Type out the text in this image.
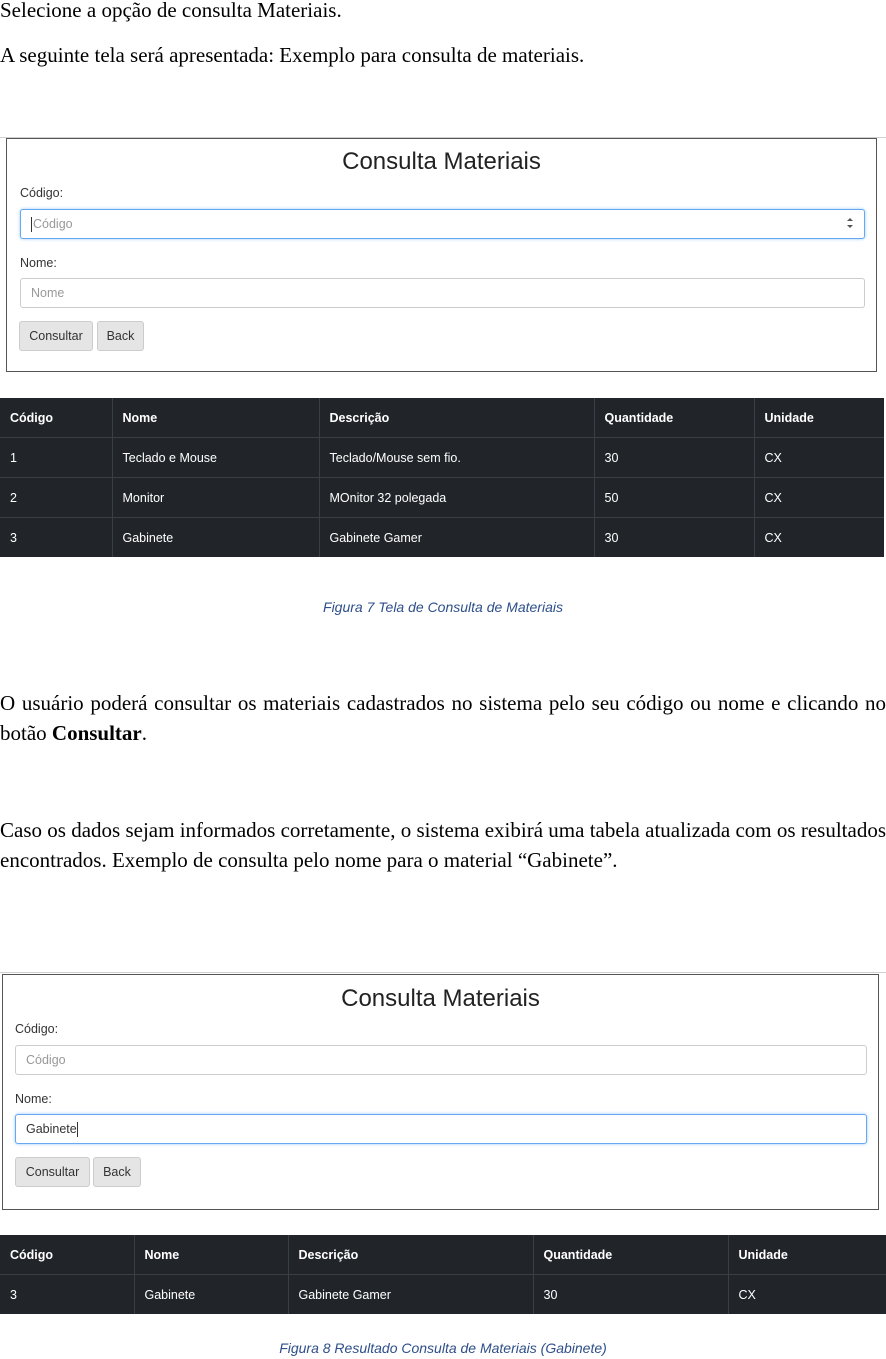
Selecione a opção de consulta Materiais.

A seguinte tela será apresentada: Exemplo para consulta de materiais.

Consulta Materiais
Código:
Código
Nome:
Nome
Consultar	Back
Código	Nome	Descrição	Quantidade	Unidade
1	Teclado e Mouse	Teclado/Mouse sem fio.	30	CX
2	Monitor	MOnitor 32 polegada	50	CX
3	Gabinete	Gabinete Gamer	30	CX
Figura 7 Tela de Consulta de Materiais

O usuário poderá consultar os materiais cadastrados no sistema pelo seu código ou nome e clicando no botão Consultar.

Caso os dados sejam informados corretamente, o sistema exibirá uma tabela atualizada com os resultados encontrados. Exemplo de consulta pelo nome para o material “Gabinete”.

Consulta Materiais
Código:
Código
Nome:
Gabinete
Consultar	Back
Código	Nome	Descrição	Quantidade	Unidade
3	Gabinete	Gabinete Gamer	30	CX
Figura 8 Resultado Consulta de Materiais (Gabinete)
